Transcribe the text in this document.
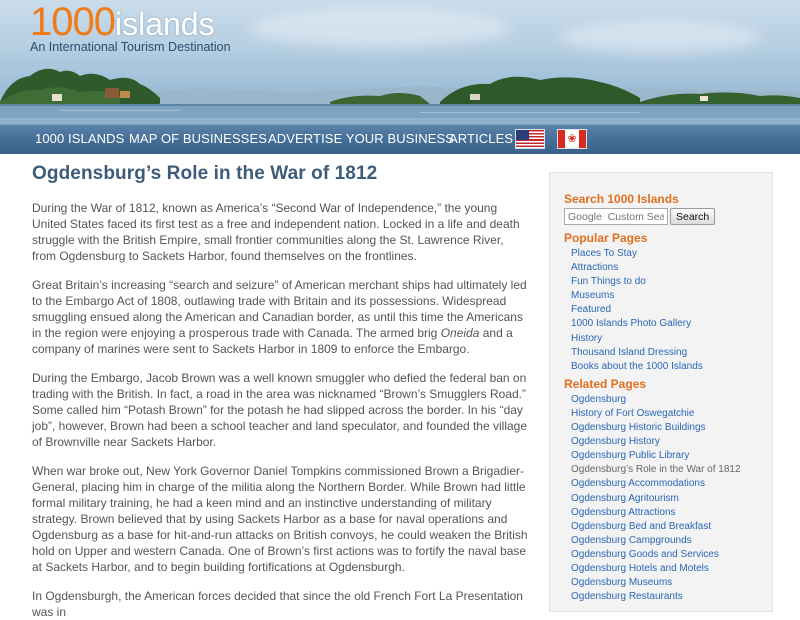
1000islands
An International Tourism Destination
1000 ISLANDS MAP OF BUSINESSES ADVERTISE YOUR BUSINESS
ARTICLES	❀
Ogdensburg’s Role in the War of 1812

During the War of 1812, known as America’s “Second War of Independence,” the young United States faced its first test as a free and independent nation. Locked in a life and death struggle with the British Empire, small frontier communities along the St. Lawrence River, from Ogdensburg to Sackets Harbor, found themselves on the frontlines.

Great Britain’s increasing “search and seizure” of American merchant ships had ultimately led to the Embargo Act of 1808, outlawing trade with Britain and its possessions. Widespread smuggling ensued along the American and Canadian border, as until this time the Americans in the region were enjoying a prosperous trade with Canada. The armed brig Oneida and a company of marines were sent to Sackets Harbor in 1809 to enforce the Embargo.

During the Embargo, Jacob Brown was a well known smuggler who defied the federal ban on trading with the British. In fact, a road in the area was nicknamed “Brown’s Smugglers Road.” Some called him “Potash Brown” for the potash he had slipped across the border. In his “day job”, however, Brown had been a school teacher and land speculator, and founded the village of Brownville near Sackets Harbor.

When war broke out, New York Governor Daniel Tompkins commissioned Brown a Brigadier-General, placing him in charge of the militia along the Northern Border. While Brown had little formal military training, he had a keen mind and an instinctive understanding of military strategy. Brown believed that by using Sackets Harbor as a base for naval operations and Ogdensburg as a base for hit-and-run attacks on British convoys, he could weaken the British hold on Upper and western Canada. One of Brown’s first actions was to fortify the naval base at Sackets Harbor, and to begin building fortifications at Ogdensburgh.

In Ogdensburgh, the American forces decided that since the old French Fort La Presentation was in

Search 1000 Islands
Google Custom Search
Search
Popular Pages
Places To Stay
Attractions
Fun Things to do
Museums
Featured
1000 Islands Photo Gallery
History
Thousand Island Dressing
Books about the 1000 Islands
Related Pages
Ogdensburg
History of Fort Oswegatchie
Ogdensburg Historic Buildings
Ogdensburg History
Ogdensburg Public Library
Ogdensburg’s Role in the War of 1812
Ogdensburg Accommodations
Ogdensburg Agritourism
Ogdensburg Attractions
Ogdensburg Bed and Breakfast
Ogdensburg Campgrounds
Ogdensburg Goods and Services
Ogdensburg Hotels and Motels
Ogdensburg Museums
Ogdensburg Restaurants
